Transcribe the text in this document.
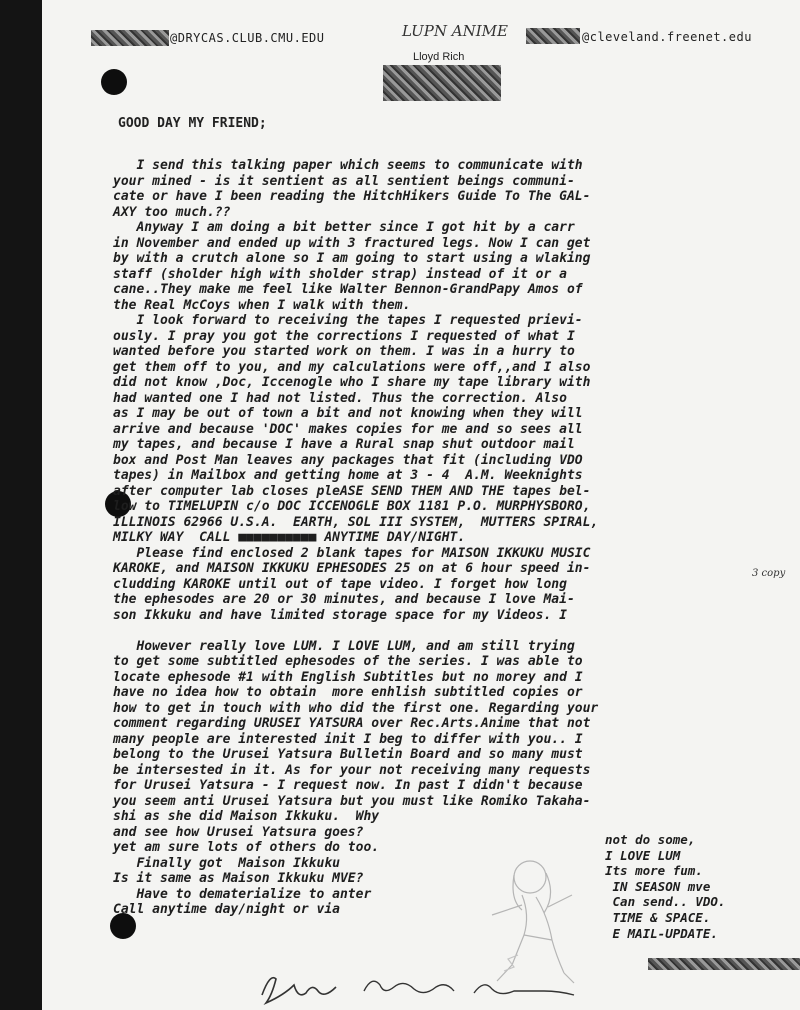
@DRYCAS.CLUB.CMU.EDU	LUPN ANIME	@cleveland.freenet.edu
Lloyd Rich
GOOD DAY MY FRIEND;
I send this talking paper which seems to communicate with
your mined - is it sentient as all sentient beings communi-
cate or have I been reading the HitchHikers Guide To The GAL-
AXY too much.??
Anyway I am doing a bit better since I got hit by a carr
in November and ended up with 3 fractured legs. Now I can get
by with a crutch alone so I am going to start using a wlaking
staff (sholder high with sholder strap) instead of it or a
cane..They make me feel like Walter Bennon-GrandPapy Amos of
the Real McCoys when I walk with them.
I look forward to receiving the tapes I requested prievi-
ously. I pray you got the corrections I requested of what I
wanted before you started work on them. I was in a hurry to
get them off to you, and my calculations were off,,and I also
did not know ,Doc, Iccenogle who I share my tape library with
had wanted one I had not listed. Thus the correction. Also
as I may be out of town a bit and not knowing when they will
arrive and because 'DOC' makes copies for me and so sees all
my tapes, and because I have a Rural snap shut outdoor mail
box and Post Man leaves any packages that fit (including VDO
tapes) in Mailbox and getting home at 3 - 4  A.M. Weeknights
after computer lab closes pleASE SEND THEM AND THE tapes bel-
low to TIMELUPIN c/o DOC ICCENOGLE BOX 1181 P.O. MURPHYSBORO,
ILLINOIS 62966 U.S.A.  EARTH, SOL III SYSTEM,  MUTTERS SPIRAL,
MILKY WAY  CALL ■■■■■■■■■■ ANYTIME DAY/NIGHT.
Please find enclosed 2 blank tapes for MAISON IKKUKU MUSIC
KAROKE, and MAISON IKKUKU EPHESODES 25 on at 6 hour speed in-
cludding KAROKE until out of tape video. I forget how long
the ephesodes are 20 or 30 minutes, and because I love Mai-
son Ikkuku and have limited storage space for my Videos. I
However really love LUM. I LOVE LUM, and am still trying
to get some subtitled ephesodes of the series. I was able to
locate ephesode #1 with English Subtitles but no morey and I
have no idea how to obtain  more enhlish subtitled copies or
how to get in touch with who did the first one. Regarding your
comment regarding URUSEI YATSURA over Rec.Arts.Anime that not
many people are interested init I beg to differ with you.. I
belong to the Urusei Yatsura Bulletin Board and so many must
be intersested in it. As for your not receiving many requests
for Urusei Yatsura - I request now. In past I didn't because
you seem anti Urusei Yatsura but you must like Romiko Takaha-
shi as she did Maison Ikkuku.  Why
and see how Urusei Yatsura goes?
yet am sure lots of others do too.
Finally got  Maison Ikkuku
Is it same as Maison Ikkuku MVE?
Have to dematerialize to anter
Call anytime day/night or via
3 copy
not do some,
I LOVE LUM
Its more fum.
IN SEASON mve
Can send.. VDO.
TIME & SPACE.
E MAIL-UPDATE.
